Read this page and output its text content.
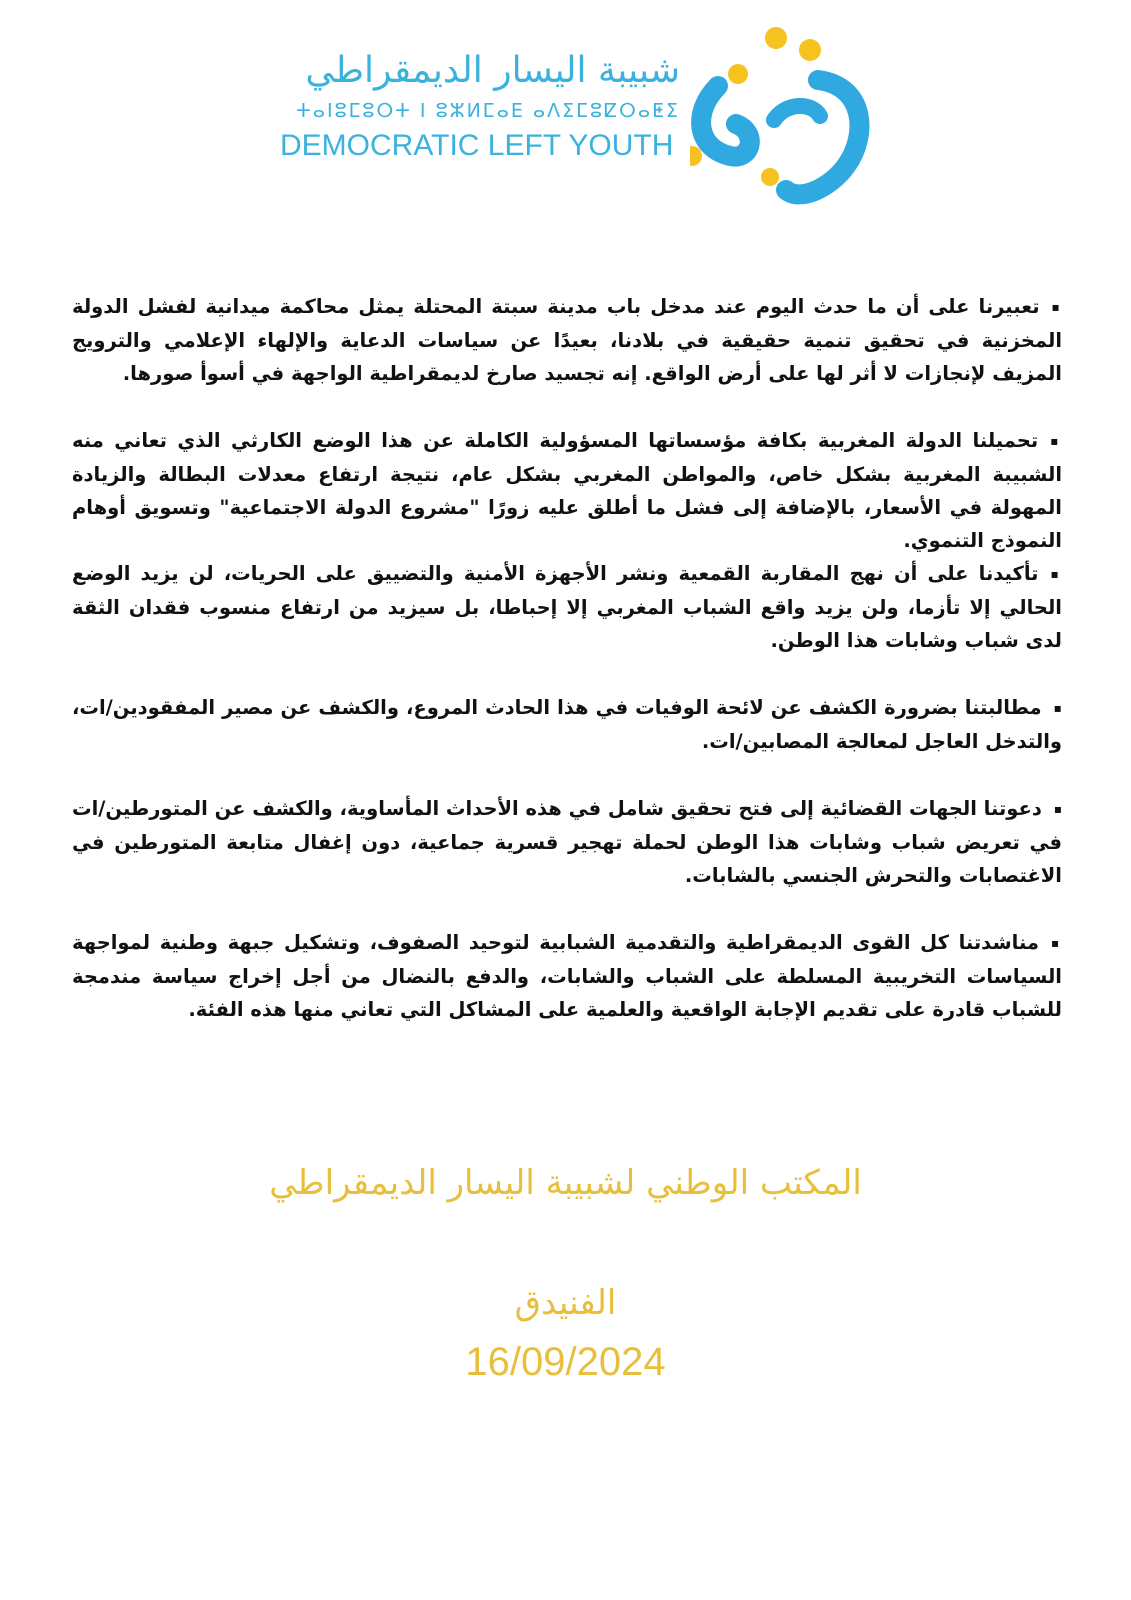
شبيبة اليسار الديمقراطي
ⵜⴰⵏⵓⵎⵓⵔⵜ ⵏ ⵓⵣⵍⵎⴰⴹ ⴰⴷⵉⵎⵓⵇⵔⴰⵟⵉ
DEMOCRATIC LEFT YOUTH

▪تعبيرنا على أن ما حدث اليوم عند مدخل باب مدينة سبتة المحتلة يمثل محاكمة ميدانية لفشل الدولة المخزنية في تحقيق تنمية حقيقية في بلادنا، بعيدًا عن سياسات الدعاية والإلهاء الإعلامي والترويج المزيف لإنجازات لا أثر لها على أرض الواقع. إنه تجسيد صارخ لديمقراطية الواجهة في أسوأ صورها.

▪تحميلنا الدولة المغربية بكافة مؤسساتها المسؤولية الكاملة عن هذا الوضع الكارثي الذي تعاني منه الشبيبة المغربية بشكل خاص، والمواطن المغربي بشكل عام، نتيجة ارتفاع معدلات البطالة والزيادة المهولة في الأسعار، بالإضافة إلى فشل ما أطلق عليه زورًا "مشروع الدولة الاجتماعية" وتسويق أوهام النموذج التنموي.

▪تأكيدنا على أن نهج المقاربة القمعية ونشر الأجهزة الأمنية والتضييق على الحريات، لن يزيد الوضع الحالي إلا تأزما، ولن يزيد واقع الشباب المغربي إلا إحباطا، بل سيزيد من ارتفاع منسوب فقدان الثقة لدى شباب وشابات هذا الوطن.

▪مطالبتنا بضرورة الكشف عن لائحة الوفيات في هذا الحادث المروع، والكشف عن مصير المفقودين/ات، والتدخل العاجل لمعالجة المصابين/ات.

▪دعوتنا الجهات القضائية إلى فتح تحقيق شامل في هذه الأحداث المأساوية، والكشف عن المتورطين/ات في تعريض شباب وشابات هذا الوطن لحملة تهجير قسرية جماعية، دون إغفال متابعة المتورطين في الاغتصابات والتحرش الجنسي بالشابات.

▪مناشدتنا كل القوى الديمقراطية والتقدمية الشبابية لتوحيد الصفوف، وتشكيل جبهة وطنية لمواجهة السياسات التخريبية المسلطة على الشباب والشابات، والدفع بالنضال من أجل إخراج سياسة مندمجة للشباب قادرة على تقديم الإجابة الواقعية والعلمية على المشاكل التي تعاني منها هذه الفئة.

المكتب الوطني لشبيبة اليسار الديمقراطي
الفنيدق
16/09/2024
